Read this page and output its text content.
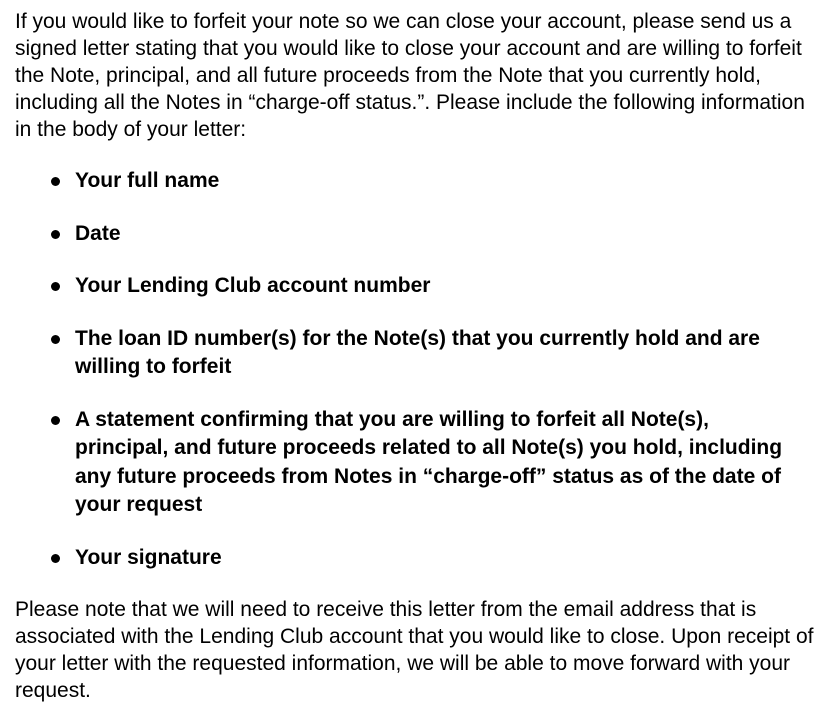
If you would like to forfeit your note so we can close your account, please send us a signed letter stating that you would like to close your account and are willing to forfeit the Note, principal, and all future proceeds from the Note that you currently hold, including all the Notes in “charge-off status.”. Please include the following information in the body of your letter:

Your full name
Date
Your Lending Club account number
The loan ID number(s) for the Note(s) that you currently hold and are willing to forfeit
A statement confirming that you are willing to forfeit all Note(s), principal, and future proceeds related to all Note(s) you hold, including any future proceeds from Notes in “charge-off” status as of the date of your request
Your signature

Please note that we will need to receive this letter from the email address that is associated with the Lending Club account that you would like to close. Upon receipt of your letter with the requested information, we will be able to move forward with your request.
